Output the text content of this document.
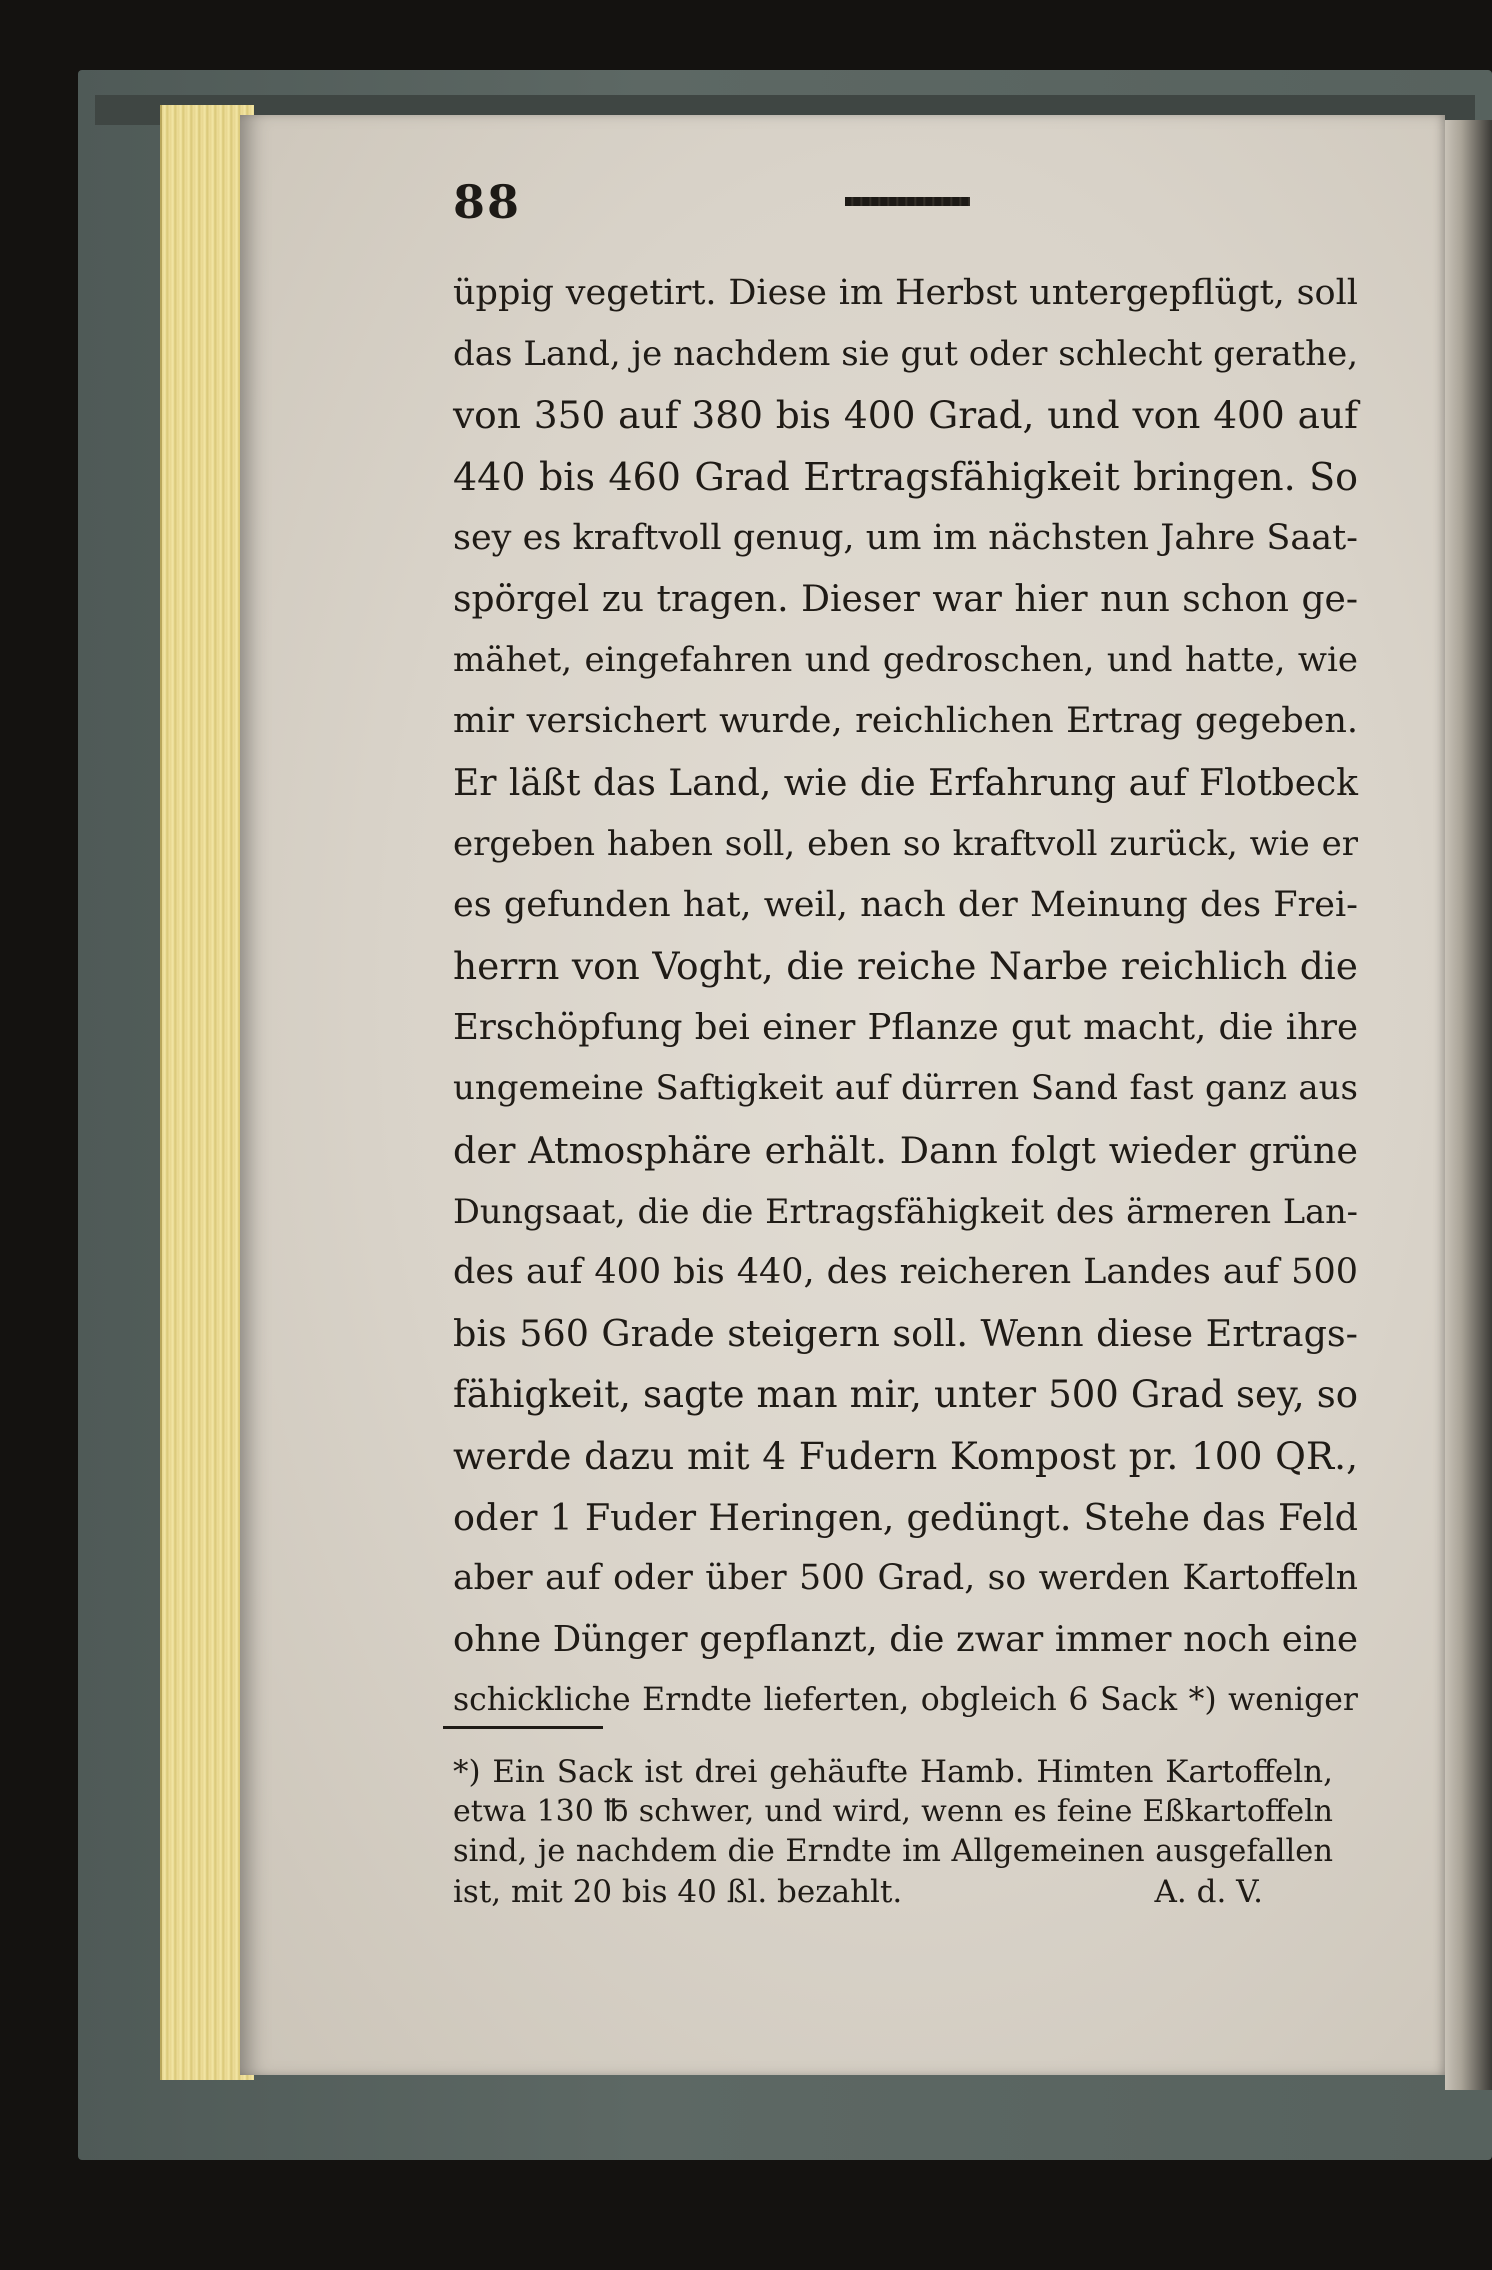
88
üppig vegetirt. Diese im Herbst untergepflügt, soll
das Land, je nachdem sie gut oder schlecht gerathe,
von 350 auf 380 bis 400 Grad, und von 400 auf
440 bis 460 Grad Ertragsfähigkeit bringen. So
sey es kraftvoll genug, um im nächsten Jahre Saat-
spörgel zu tragen. Dieser war hier nun schon ge-
mähet, eingefahren und gedroschen, und hatte, wie
mir versichert wurde, reichlichen Ertrag gegeben.
Er läßt das Land, wie die Erfahrung auf Flotbeck
ergeben haben soll, eben so kraftvoll zurück, wie er
es gefunden hat, weil, nach der Meinung des Frei-
herrn von Voght, die reiche Narbe reichlich die
Erschöpfung bei einer Pflanze gut macht, die ihre
ungemeine Saftigkeit auf dürren Sand fast ganz aus
der Atmosphäre erhält. Dann folgt wieder grüne
Dungsaat, die die Ertragsfähigkeit des ärmeren Lan-
des auf 400 bis 440, des reicheren Landes auf 500
bis 560 Grade steigern soll. Wenn diese Ertrags-
fähigkeit, sagte man mir, unter 500 Grad sey, so
werde dazu mit 4 Fudern Kompost pr. 100 QR.,
oder 1 Fuder Heringen, gedüngt. Stehe das Feld
aber auf oder über 500 Grad, so werden Kartoffeln
ohne Dünger gepflanzt, die zwar immer noch eine
schickliche Erndte lieferten, obgleich 6 Sack *) weniger
*) Ein Sack ist drei gehäufte Hamb. Himten Kartoffeln,
etwa 130 ℔ schwer, und wird, wenn es feine Eßkartoffeln
sind, je nachdem die Erndte im Allgemeinen ausgefallen
ist, mit 20 bis 40 ßl. bezahlt.	A. d. V.
